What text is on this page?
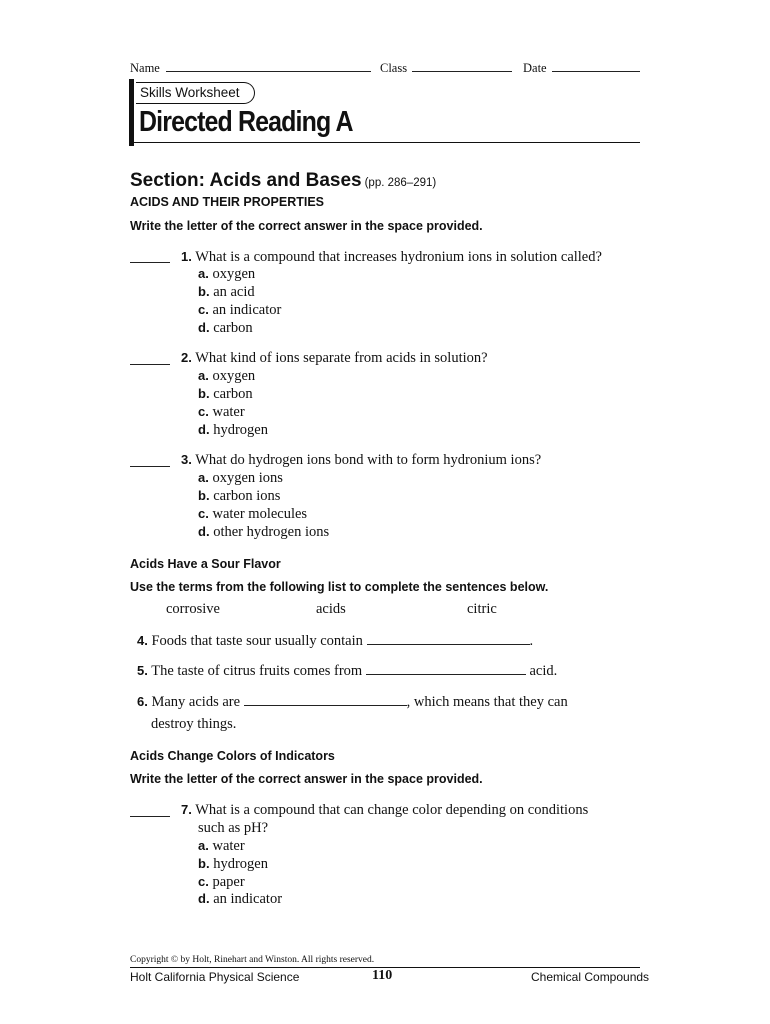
Name	Class	Date
Skills Worksheet
Directed Reading A
Section: Acids and Bases (pp. 286–291)
ACIDS AND THEIR PROPERTIES
Write the letter of the correct answer in the space provided.
1. What is a compound that increases hydronium ions in solution called?
a. oxygen
b. an acid
c. an indicator
d. carbon
2. What kind of ions separate from acids in solution?
a. oxygen
b. carbon
c. water
d. hydrogen
3. What do hydrogen ions bond with to form hydronium ions?
a. oxygen ions
b. carbon ions
c. water molecules
d. other hydrogen ions
Acids Have a Sour Flavor
Use the terms from the following list to complete the sentences below.
corrosive	acids	citric
4. Foods that taste sour usually contain	.
5. The taste of citrus fruits comes from	acid.
6. Many acids are	, which means that they can
destroy things.
Acids Change Colors of Indicators
Write the letter of the correct answer in the space provided.
7. What is a compound that can change color depending on conditions
such as pH?
a. water
b. hydrogen
c. paper
d. an indicator
Copyright © by Holt, Rinehart and Winston. All rights reserved.
Holt California Physical Science	110	Chemical Compounds
